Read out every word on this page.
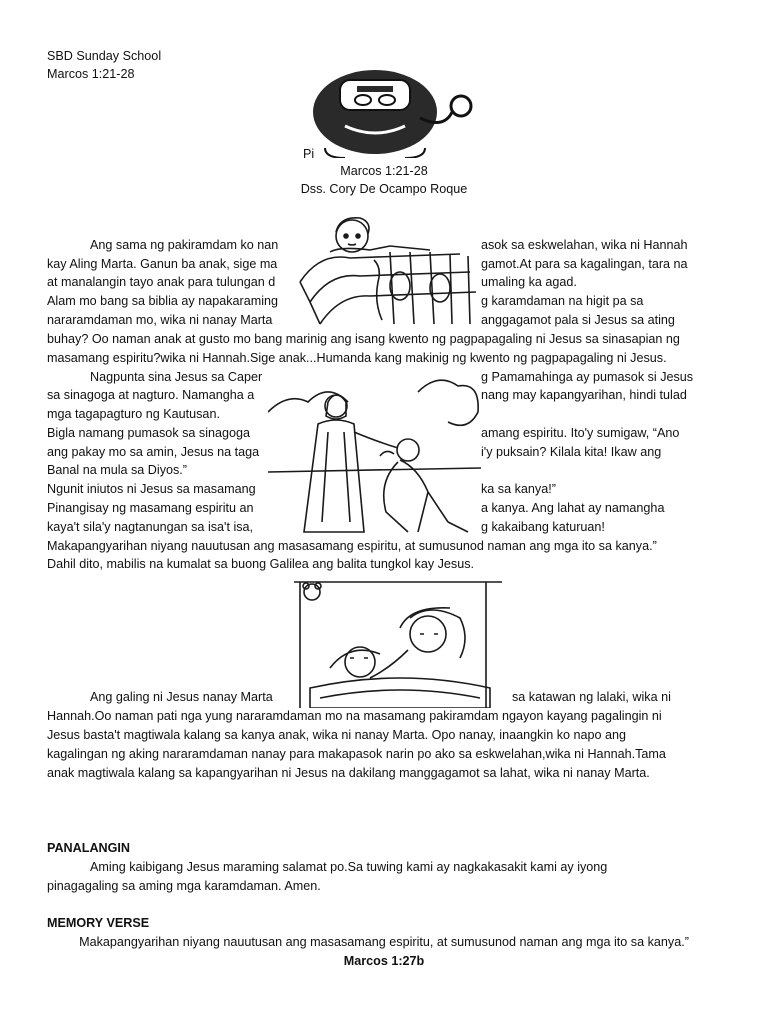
SBD Sunday School
Marcos 1:21-28
Pi
Marcos 1:21-28
Dss. Cory De Ocampo Roque
Ang sama ng pakiramdam ko nan
kay Aling Marta. Ganun ba anak, sige ma
at manalangin tayo anak para tulungan d
Alam mo bang sa biblia ay napakaraming
nararamdaman mo, wika ni nanay Marta
asok sa eskwelahan, wika ni Hannah
gamot.At para sa kagalingan, tara na
umaling ka agad.
g karamdaman na higit pa sa
anggagamot pala si Jesus sa ating
buhay? Oo naman anak at gusto mo bang marinig ang isang kwento ng pagpapagaling ni Jesus sa sinasapian ng
masamang espiritu?wika ni Hannah.Sige anak...Humanda kang makinig ng kwento ng pagpapagaling ni Jesus.
Nagpunta sina Jesus sa Caper
sa sinagoga at nagturo. Namangha a
mga tagapagturo ng Kautusan.
Bigla namang pumasok sa sinagoga
ang pakay mo sa amin, Jesus na taga
Banal na mula sa Diyos.”
Ngunit iniutos ni Jesus sa masamang
Pinangisay ng masamang espiritu an
kaya't sila'y nagtanungan sa isa't isa,
g Pamamahinga ay pumasok si Jesus
nang may kapangyarihan, hindi tulad
amang espiritu. Ito'y sumigaw, “Ano
i'y puksain? Kilala kita! Ikaw ang
ka sa kanya!”
a kanya. Ang lahat ay namangha
g kakaibang katuruan!
Makapangyarihan niyang nauutusan ang masasamang espiritu, at sumusunod naman ang mga ito sa kanya.”
Dahil dito, mabilis na kumalat sa buong Galilea ang balita tungkol kay Jesus.
Ang galing ni Jesus nanay Marta	sa katawan ng lalaki, wika ni
Hannah.Oo naman pati nga yung nararamdaman mo na masamang pakiramdam ngayon kayang pagalingin ni
Jesus basta't magtiwala kalang sa kanya anak, wika ni nanay Marta. Opo nanay, inaangkin ko napo ang
kagalingan ng aking nararamdaman nanay para makapasok narin po ako sa eskwelahan,wika ni Hannah.Tama
anak magtiwala kalang sa kapangyarihan ni Jesus na dakilang manggagamot sa lahat, wika ni nanay Marta.
PANALANGIN
Aming kaibigang Jesus maraming salamat po.Sa tuwing kami ay nagkakasakit kami ay iyong
pinagagaling sa aming mga karamdaman. Amen.
MEMORY VERSE
Makapangyarihan niyang nauutusan ang masasamang espiritu, at sumusunod naman ang mga ito sa kanya.”
Marcos 1:27b
